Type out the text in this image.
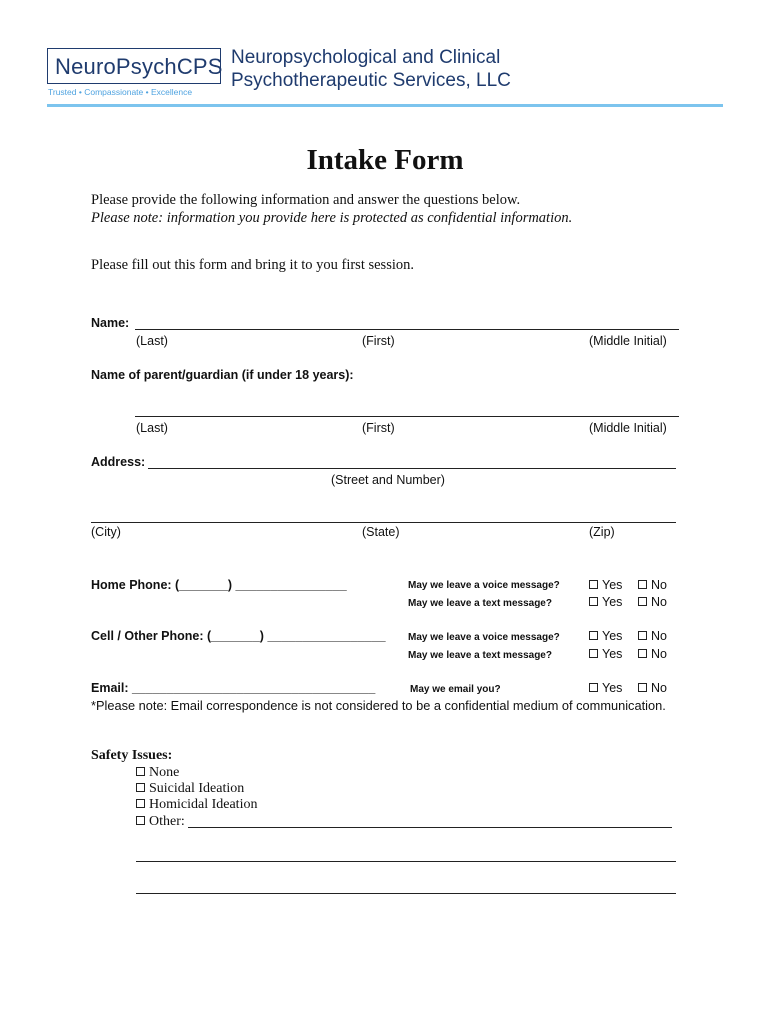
NeuroPsychCPS
Trusted • Compassionate • Excellence
Neuropsychological and Clinical
Psychotherapeutic Services, LLC
Intake Form
Please provide the following information and answer the questions below.
Please note: information you provide here is protected as confidential information.
Please fill out this form and bring it to you first session.
Name:
(Last)	(First)	(Middle Initial)
Name of parent/guardian (if under 18 years):
(Last)	(First)	(Middle Initial)
Address:
(Street and Number)
(City)	(State)	(Zip)
Home Phone: (_______) ________________	May we leave a voice message?	Yes	No
May we leave a text message?	Yes	No
Cell / Other Phone: (_______) _________________ May we leave a voice message?	Yes	No
May we leave a text message?	Yes	No
Email: ___________________________________	May we email you?	Yes	No
*Please note: Email correspondence is not considered to be a confidential medium of communication.
Safety Issues:
None
Suicidal Ideation
Homicidal Ideation
Other:
